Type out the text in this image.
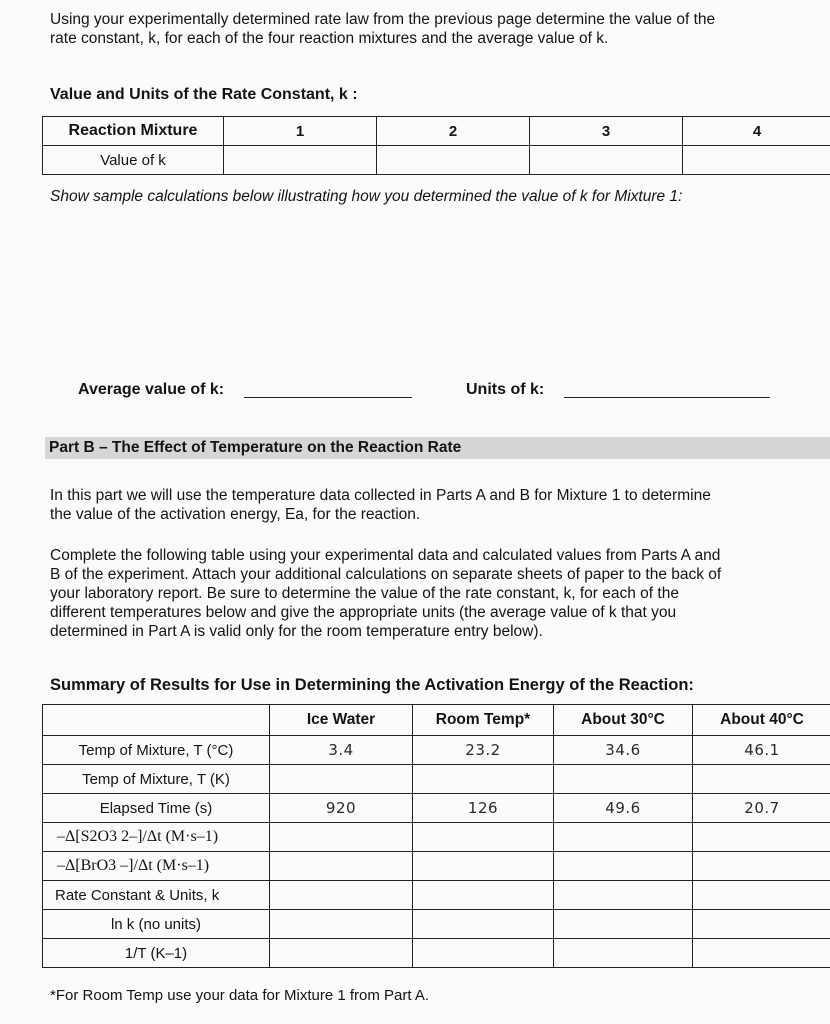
Using your experimentally determined rate law from the previous page determine the value of the
rate constant, k, for each of the four reaction mixtures and the average value of k.
Value and Units of the Rate Constant, k :
Reaction Mixture	1	2	3	4
Value of k				
Show sample calculations below illustrating how you determined the value of k for Mixture 1:
Average value of k:	Units of k:
Part B – The Effect of Temperature on the Reaction Rate
In this part we will use the temperature data collected in Parts A and B for Mixture 1 to determine
the value of the activation energy, Ea, for the reaction.
Complete the following table using your experimental data and calculated values from Parts A and
B of the experiment. Attach your additional calculations on separate sheets of paper to the back of
your laboratory report. Be sure to determine the value of the rate constant, k, for each of the
different temperatures below and give the appropriate units (the average value of k that you
determined in Part A is valid only for the room temperature entry below).
Summary of Results for Use in Determining the Activation Energy of the Reaction:
	Ice Water	Room Temp*	About 30°C	About 40°C
Temp of Mixture, T (°C)	3.4	23.2	34.6	46.1
Temp of Mixture, T (K)				
Elapsed Time (s)	920	126	49.6	20.7
–Δ[S2O3 2–]/Δt (M·s–1)				
–Δ[BrO3 –]/Δt (M·s–1)				
Rate Constant & Units, k				
ln k (no units)				
1/T (K–1)				
*For Room Temp use your data for Mixture 1 from Part A.
